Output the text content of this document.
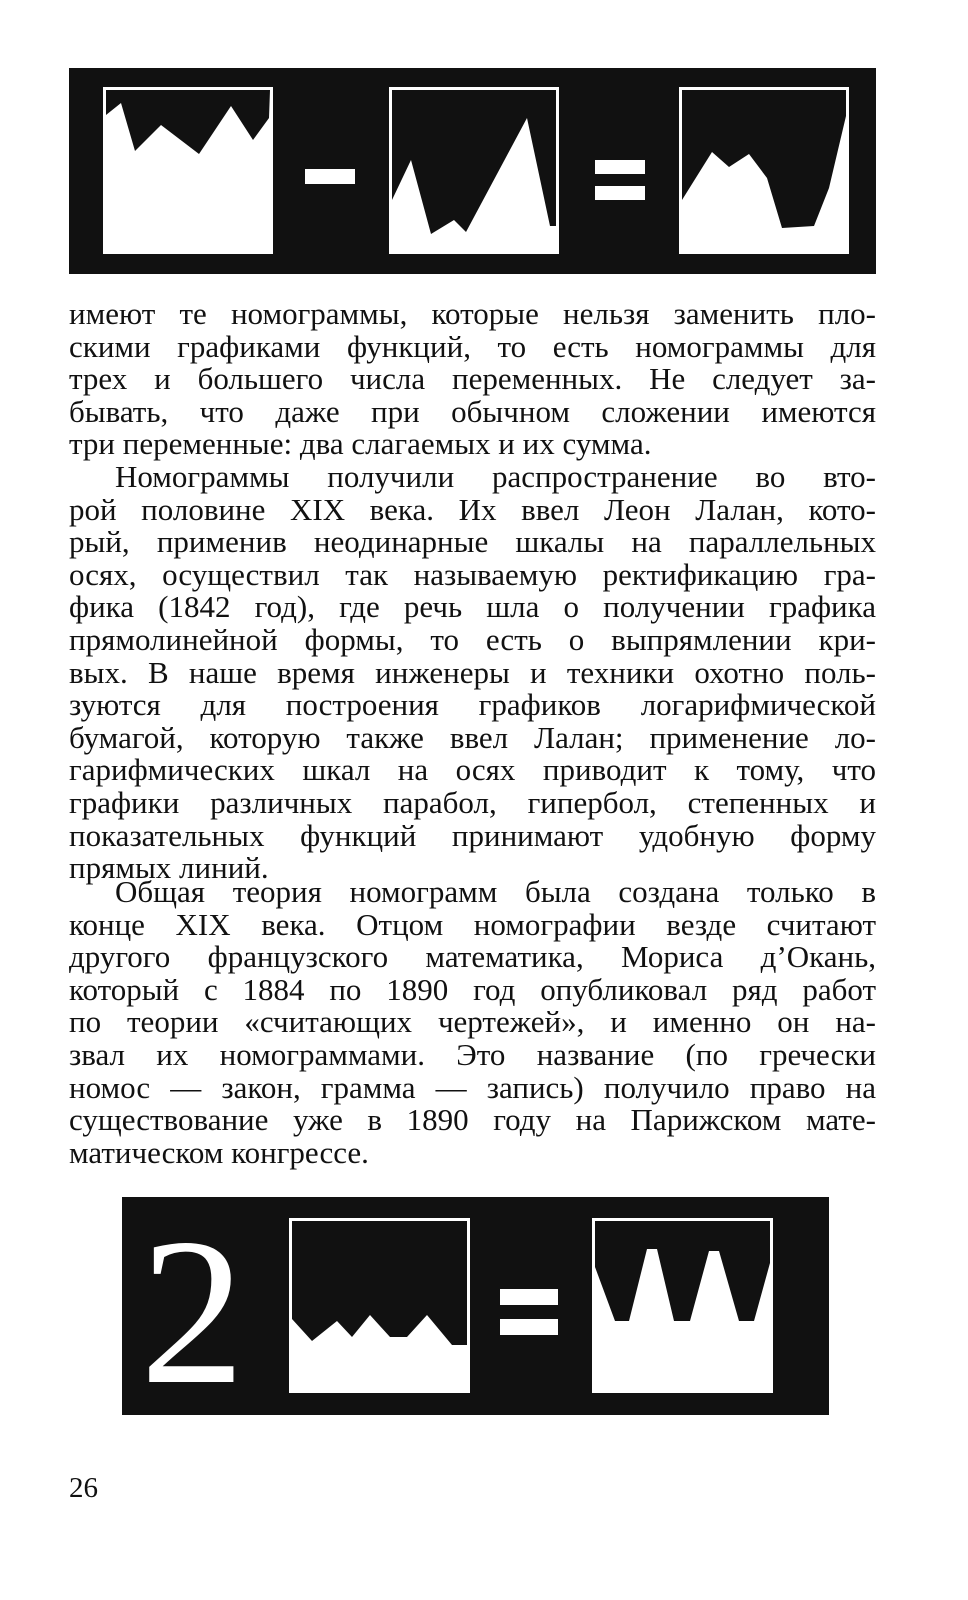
-	=

имеют те номограммы, которые нельзя заменить пло-
скими графиками функций, то есть номограммы для
трех и большего числа переменных. Не следует за-
бывать, что даже при обычном сложении имеются
три переменные: два слагаемых и их сумма.

Номограммы получили распространение во вто-
рой половине XIX века. Их ввел Леон Лалан, кото-
рый, применив неодинарные шкалы на параллельных
осях, осуществил так называемую ректификацию гра-
фика (1842 год), где речь шла о получении графика
прямолинейной формы, то есть о выпрямлении кри-
вых. В наше время инженеры и техники охотно поль-
зуются для построения графиков логарифмической
бумагой, которую также ввел Лалан; применение ло-
гарифмических шкал на осях приводит к тому, что
графики различных парабол, гипербол, степенных и
показательных функций принимают удобную форму
прямых линий.

Общая теория номограмм была создана только в
конце XIX века. Отцом номографии везде считают
другого французского математика, Мориса д’Окань,
который с 1884 по 1890 год опубликовал ряд работ
по теории «считающих чертежей», и именно он на-
звал их номограммами. Это название (по гречески
номос — закон, грамма — запись) получило право на
существование уже в 1890 году на Парижском мате-
матическом конгрессе.

2	=
26
